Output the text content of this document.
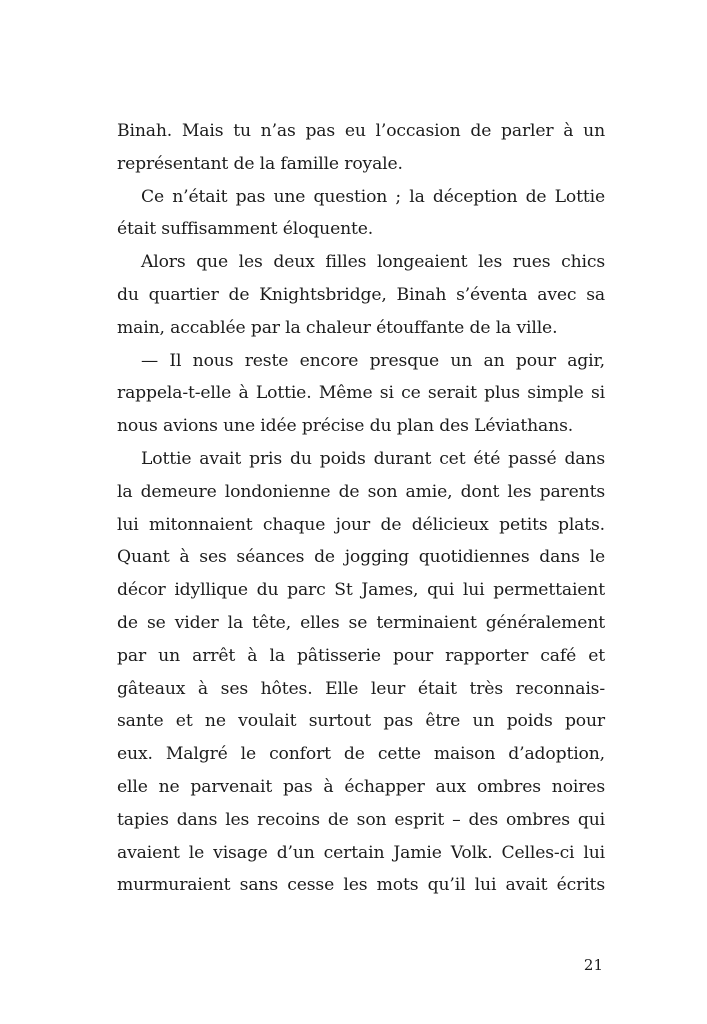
Binah. Mais tu n’as pas eu l’occasion de parler à un
représentant de la famille royale.
Ce n’était pas une question ; la déception de Lottie
était suffisamment éloquente.
Alors que les deux filles longeaient les rues chics
du quartier de Knightsbridge, Binah s’éventa avec sa
main, accablée par la chaleur étouffante de la ville.
— Il nous reste encore presque un an pour agir,
rappela-t-elle à Lottie. Même si ce serait plus simple si
nous avions une idée précise du plan des Léviathans.
Lottie avait pris du poids durant cet été passé dans
la demeure londonienne de son amie, dont les parents
lui mitonnaient chaque jour de délicieux petits plats.
Quant à ses séances de jogging quotidiennes dans le
décor idyllique du parc St James, qui lui permettaient
de se vider la tête, elles se terminaient généralement
par un arrêt à la pâtisserie pour rapporter café et
gâteaux à ses hôtes. Elle leur était très reconnais-
sante et ne voulait surtout pas être un poids pour
eux. Malgré le confort de cette maison d’adoption,
elle ne parvenait pas à échapper aux ombres noires
tapies dans les recoins de son esprit – des ombres qui
avaient le visage d’un certain Jamie Volk. Celles-ci lui
murmuraient sans cesse les mots qu’il lui avait écrits
21
